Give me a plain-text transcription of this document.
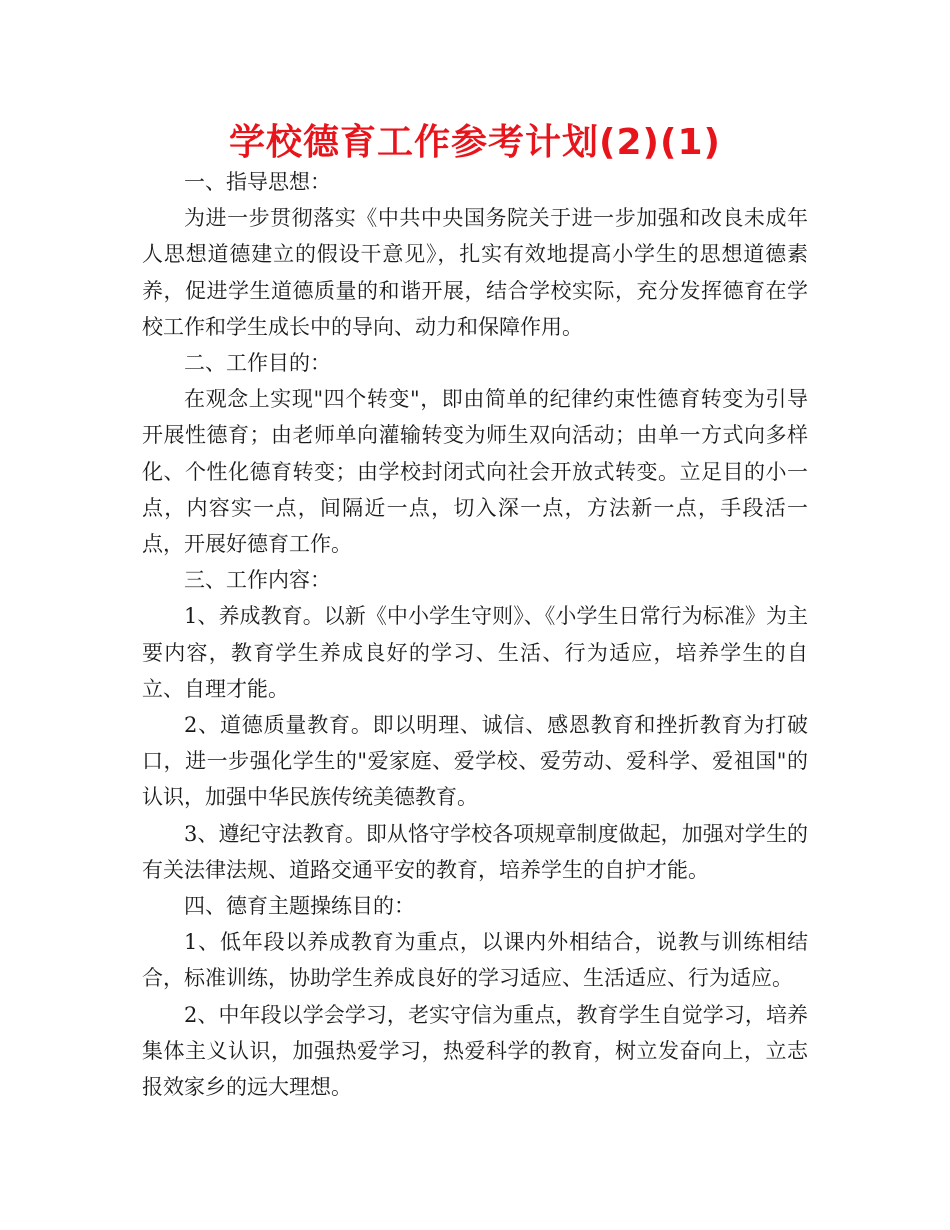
学校德育工作参考计划(2)(1)

一、指导思想：

为进一步贯彻落实《中共中央国务院关于进一步加强和改良未成年人思想道德建立的假设干意见》，扎实有效地提高小学生的思想道德素养，促进学生道德质量的和谐开展，结合学校实际，充分发挥德育在学校工作和学生成长中的导向、动力和保障作用。

二、工作目的：

在观念上实现"四个转变"，即由简单的纪律约束性德育转变为引导开展性德育；由老师单向灌输转变为师生双向活动；由单一方式向多样化、个性化德育转变；由学校封闭式向社会开放式转变。立足目的小一点，内容实一点，间隔近一点，切入深一点，方法新一点，手段活一点，开展好德育工作。

三、工作内容：

1、养成教育。以新《中小学生守则》、《小学生日常行为标准》为主要内容，教育学生养成良好的学习、生活、行为适应，培养学生的自立、自理才能。

2、道德质量教育。即以明理、诚信、感恩教育和挫折教育为打破口，进一步强化学生的"爱家庭、爱学校、爱劳动、爱科学、爱祖国"的认识，加强中华民族传统美德教育。

3、遵纪守法教育。即从恪守学校各项规章制度做起，加强对学生的有关法律法规、道路交通平安的教育，培养学生的自护才能。

四、德育主题操练目的：

1、低年段以养成教育为重点，以课内外相结合，说教与训练相结合，标准训练，协助学生养成良好的学习适应、生活适应、行为适应。

2、中年段以学会学习，老实守信为重点，教育学生自觉学习，培养集体主义认识，加强热爱学习，热爱科学的教育，树立发奋向上，立志报效家乡的远大理想。
